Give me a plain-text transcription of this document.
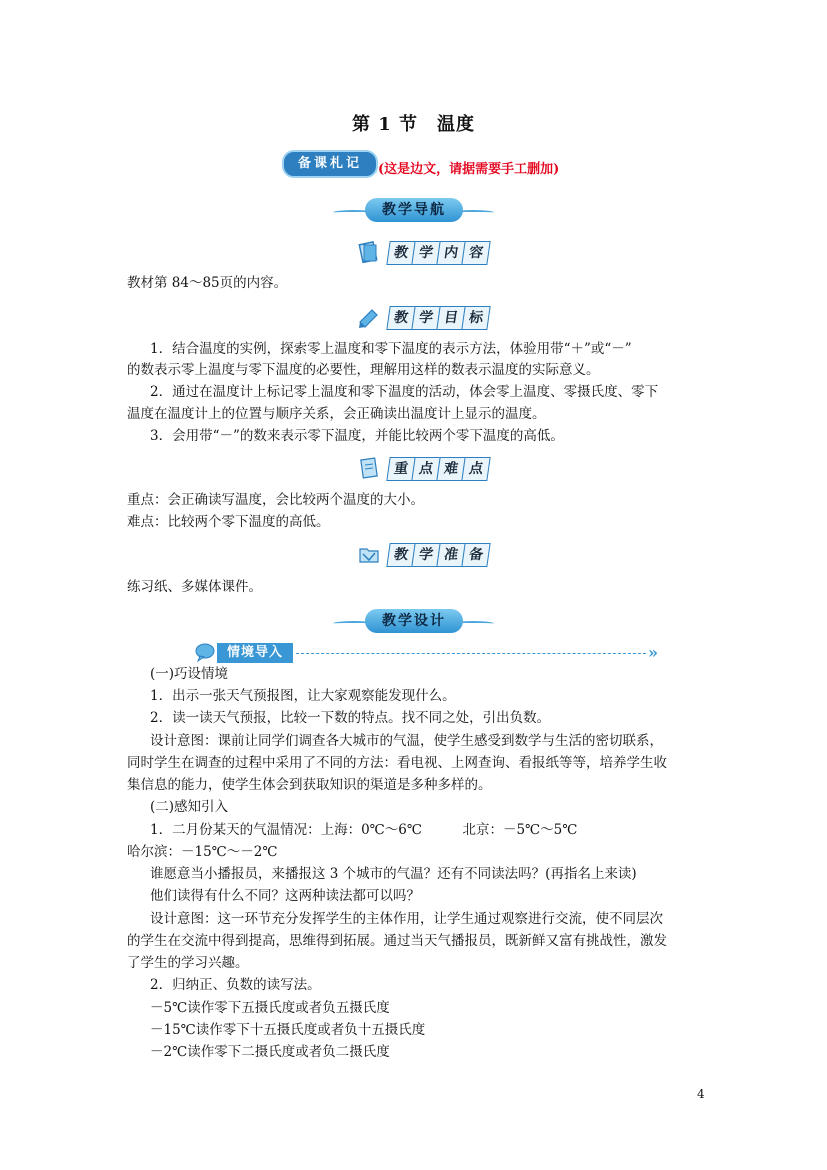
第 1 节　温度
备课札记	(这是边文，请据需要手工删加)
教学导航
教 学 内 容
教材第 84～85页的内容。
教 学 目 标
1．结合温度的实例，探索零上温度和零下温度的表示方法，体验用带“＋”或“－”
的数表示零上温度与零下温度的必要性，理解用这样的数表示温度的实际意义。
2．通过在温度计上标记零上温度和零下温度的活动，体会零上温度、零摄氏度、零下
温度在温度计上的位置与顺序关系，会正确读出温度计上显示的温度。
3．会用带“－”的数来表示零下温度，并能比较两个零下温度的高低。
重 点 难 点
重点：会正确读写温度，会比较两个温度的大小。
难点：比较两个零下温度的高低。
教 学 准 备
练习纸、多媒体课件。
教学设计
情境导入	»
(一)巧设情境
1．出示一张天气预报图，让大家观察能发现什么。
2．读一读天气预报，比较一下数的特点。找不同之处，引出负数。
设计意图：课前让同学们调查各大城市的气温，使学生感受到数学与生活的密切联系，
同时学生在调查的过程中采用了不同的方法：看电视、上网查询、看报纸等等，培养学生收
集信息的能力，使学生体会到获取知识的渠道是多种多样的。
(二)感知引入
1．二月份某天的气温情况：上海：0℃～6℃　　　北京：－5℃～5℃
哈尔滨：－15℃～－2℃
谁愿意当小播报员，来播报这 3 个城市的气温？还有不同读法吗？(再指名上来读)
他们读得有什么不同？这两种读法都可以吗？
设计意图：这一环节充分发挥学生的主体作用，让学生通过观察进行交流，使不同层次
的学生在交流中得到提高，思维得到拓展。通过当天气播报员，既新鲜又富有挑战性，激发
了学生的学习兴趣。
2．归纳正、负数的读写法。
－5℃读作零下五摄氏度或者负五摄氏度
－15℃读作零下十五摄氏度或者负十五摄氏度
－2℃读作零下二摄氏度或者负二摄氏度
4
